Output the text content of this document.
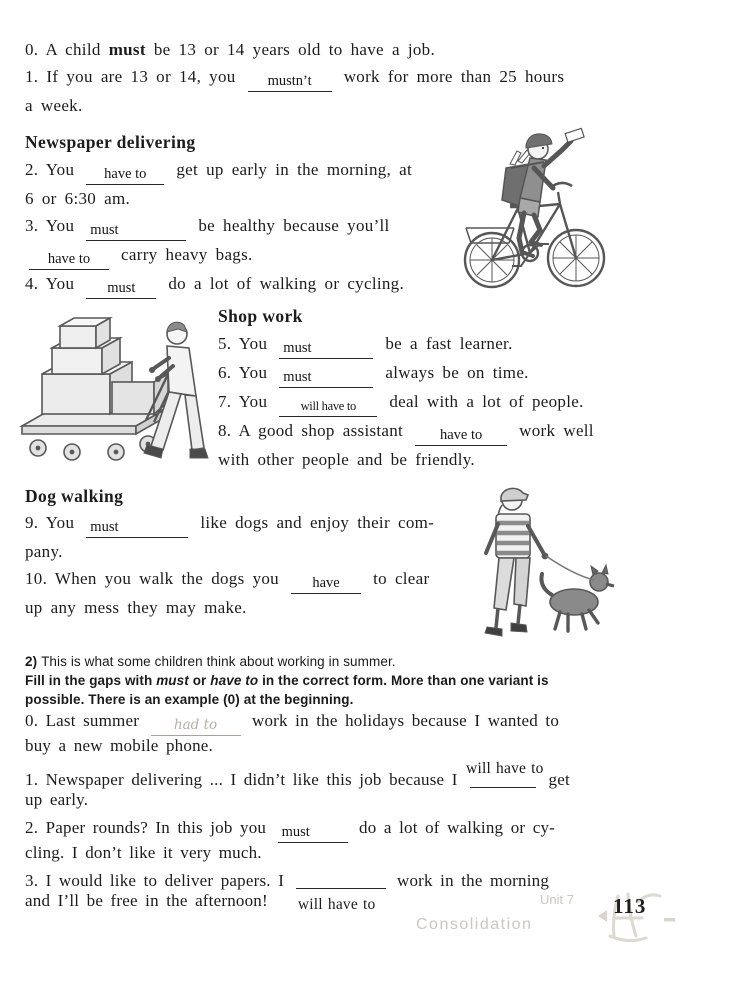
0. A child must be 13 or 14 years old to have a job.
1. If you are 13 or 14, you mustn’t work for more than 25 hours
a week.
Newspaper delivering
2. You have to get up early in the morning, at
6 or 6:30 am.
3. You must	be healthy because you’ll
have to carry heavy bags.
4. You must do a lot of walking or cycling.
Shop work
5. You must	be a fast learner.
6. You must	always be on time.
7. You will have to deal with a lot of people.
8. A good shop assistant have to work well
with other people and be friendly.
Dog walking
9. You must	like dogs and enjoy their com-
pany.
10. When you walk the dogs you have to clear
up any mess they may make.
2) This is what some children think about working in summer.
Fill in the gaps with must or have to in the correct form. More than one variant is
possible. There is an example (0) at the beginning.
0. Last summer had to work in the holidays because I wanted to
buy a new mobile phone.
1. Newspaper delivering ... I didn’t like this job because I
will have to
get
up early.
2. Paper rounds? In this job you must do a lot of walking or cy-
cling. I don’t like it very much.
3. I would like to deliver papers. I	work in the morning
and I’ll be free in the afternoon! will have to	Unit 7
Consolidation
113
